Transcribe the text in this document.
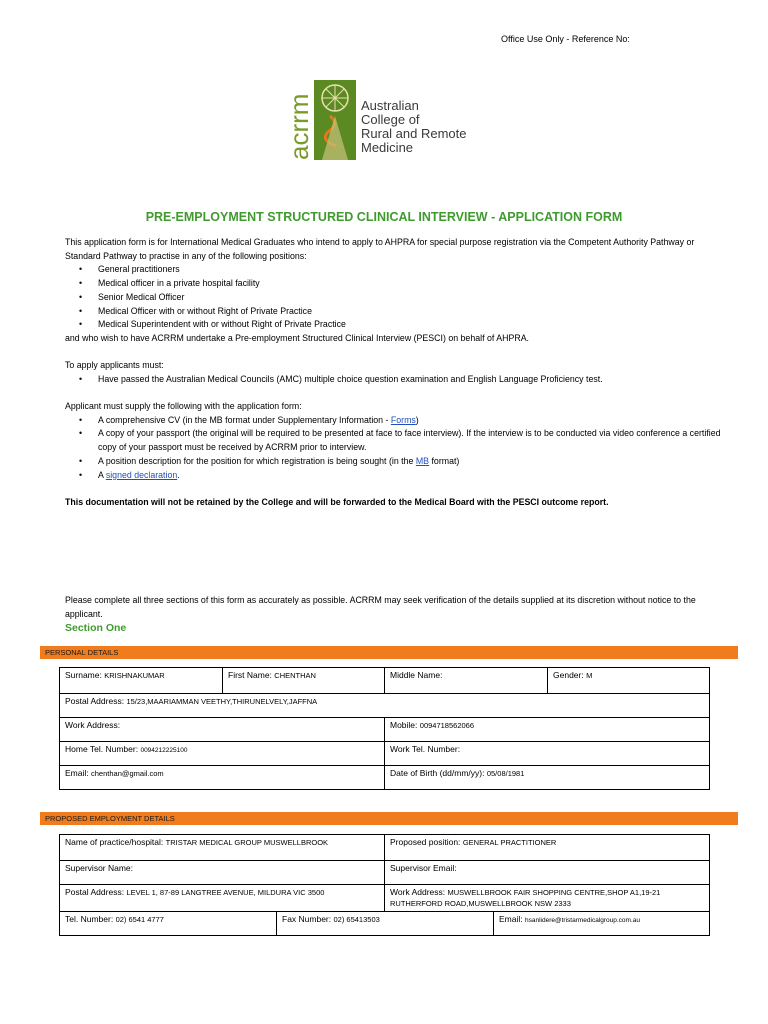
Office Use Only - Reference No:
acrrm	Australian
College of
Rural and Remote
Medicine
PRE-EMPLOYMENT STRUCTURED CLINICAL INTERVIEW - APPLICATION FORM

This application form is for International Medical Graduates who intend to apply to AHPRA for special purpose registration via the Competent Authority Pathway or Standard Pathway to practise in any of the following positions:

• General practitioners
• Medical officer in a private hospital facility
• Senior Medical Officer
• Medical Officer with or without Right of Private Practice
• Medical Superintendent with or without Right of Private Practice

and who wish to have ACRRM undertake a Pre-employment Structured Clinical Interview (PESCI) on behalf of AHPRA.

To apply applicants must:

• Have passed the Australian Medical Councils (AMC) multiple choice question examination and English Language Proficiency test.

Applicant must supply the following with the application form:

• A comprehensive CV (in the MB format under Supplementary Information - Forms)
• A copy of your passport (the original will be required to be presented at face to face interview). If the interview is to be conducted via video conference a certified copy of your passport must be received by ACRRM prior to interview.
• A position description for the position for which registration is being sought (in the MB format)
• A signed declaration.
This documentation will not be retained by the College and will be forwarded to the Medical Board with the PESCI outcome report.
Please complete all three sections of this form as accurately as possible. ACRRM may seek verification of the details supplied at its discretion without notice to the applicant.
Section One
PERSONAL DETAILS
Surname: KRISHNAKUMAR	First Name: CHENTHAN	Middle Name:	Gender: M
Postal Address: 15/23,MAARIAMMAN VEETHY,THIRUNELVELY,JAFFNA			
Work Address:		Mobile: 0094718562066	
Home Tel. Number: 0094212225100		Work Tel. Number:	
Email: chenthan@gmail.com		Date of Birth (dd/mm/yy): 05/08/1981	
PROPOSED EMPLOYMENT DETAILS
Name of practice/hospital: TRISTAR MEDICAL GROUP MUSWELLBROOK		Proposed position: GENERAL PRACTITIONER	
Supervisor Name:		Supervisor Email:	
Postal Address: LEVEL 1, 87-89 LANGTREE AVENUE, MILDURA VIC 3500		Work Address: MUSWELLBROOK FAIR SHOPPING CENTRE,SHOP A1,19-21
RUTHERFORD ROAD,MUSWELLBROOK NSW 2333	
Tel. Number: 02) 6541 4777	Fax Number: 02) 65413503		Email: hsanlidere@tristarmedicalgroup.com.au
